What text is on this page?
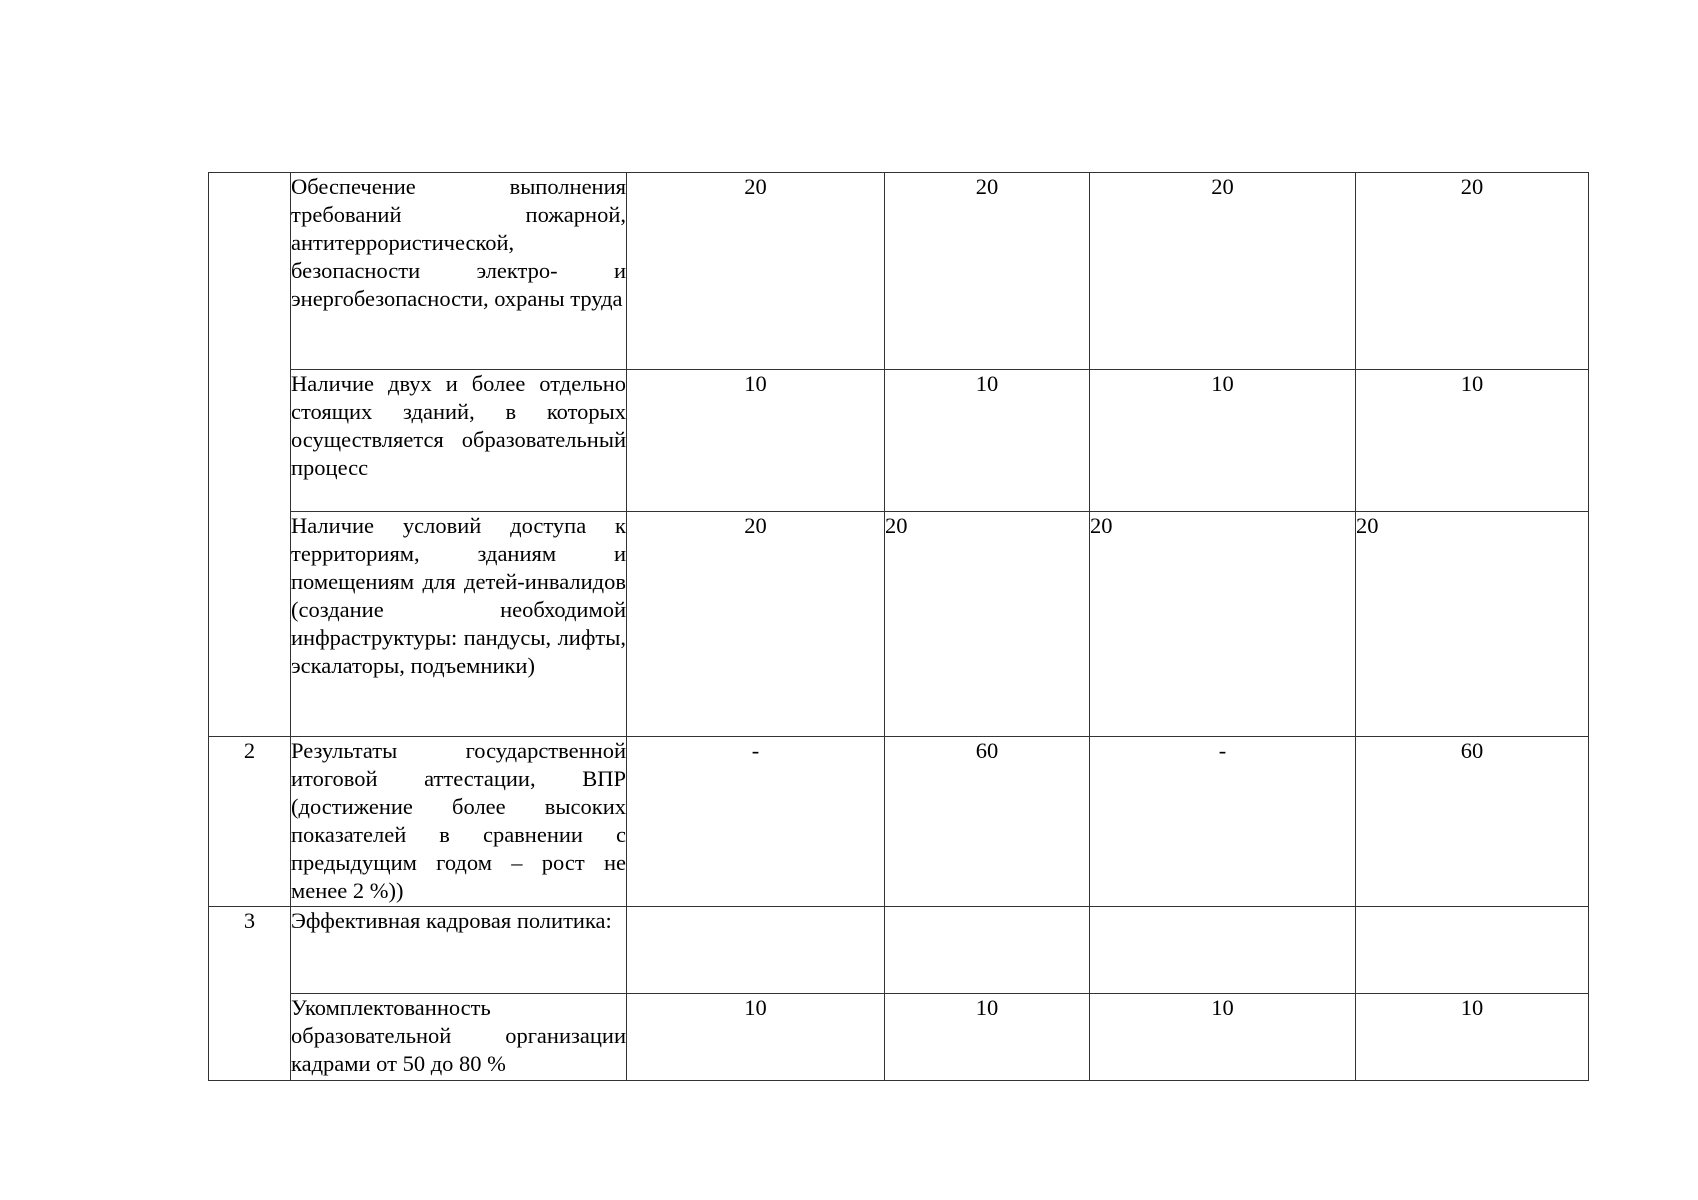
	Обеспечение выполнения требований пожарной, антитеррористической, безопасности электро- и энергобезопасности, охраны труда	20	20	20	20
	Наличие двух и более отдельно стоящих зданий, в которых осуществляется образовательный процесс	10	10	10	10
	Наличие условий доступа к территориям, зданиям и помещениям для детей-инвалидов (создание необходимой инфраструктуры: пандусы, лифты, эскалаторы, подъемники)	20	20	20	20
2	Результаты государственной итоговой аттестации, ВПР (достижение более высоких показателей в сравнении с предыдущим годом – рост не менее 2 %))	-	60	-	60
3	Эффективная кадровая политика:				
	Укомплектованность образовательной организации кадрами от 50 до 80 %	10	10	10	10
